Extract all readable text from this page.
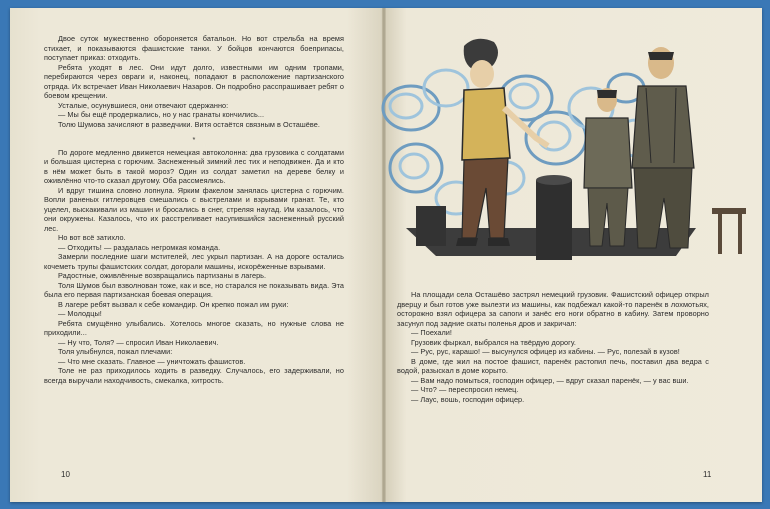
Двое суток мужественно обороняется батальон. Но вот стрельба на время стихает, и показываются фашистские танки. У бойцов кончаются боеприпасы, поступает приказ: отходить.

Ребята уходят в лес. Они идут долго, известными им одним тропами, перебираются через овраги и, наконец, попадают в расположение партизанского отряда. Их встречает Иван Николаевич Назаров. Он подробно расспрашивает ребят о боевом крещении.

Усталые, осунувшиеся, они отвечают сдержанно:

— Мы бы ещё продержались, но у нас гранаты кончились...

Толю Шумова зачисляют в разведчики. Витя остаётся связным в Осташёве.

*

По дороге медленно движется немецкая автоколонна: два грузовика с солдатами и большая цистерна с горючим. Заснеженный зимний лес тих и неподвижен. Да и кто в нём может быть в такой мороз? Один из солдат заметил на дереве белку и оживлённо что-то сказал другому. Оба рассмеялись.

И вдруг тишина словно лопнула. Ярким факелом занялась цистерна с горючим. Вопли раненых гитлеровцев смешались с выстрелами и взрывами гранат. Те, кто уцелел, выскакивали из машин и бросались в снег, стреляя наугад. Им казалось, что они окружены. Казалось, что их расстреливает насупившийся заснеженный русский лес.

Но вот всё затихло.

— Отходить! — раздалась негромкая команда.

Замерли последние шаги мстителей, лес укрыл партизан. А на дороге остались кочеметь трупы фашистских солдат, догорали машины, искорёженные взрывами.

Радостные, оживлённые возвращались партизаны в лагерь.

Толя Шумов был взволнован тоже, как и все, но старался не показывать вида. Эта была его первая партизанская боевая операция.

В лагере ребят вызвал к себе командир. Он крепко пожал им руки:

— Молодцы!

Ребята смущённо улыбались. Хотелось многое сказать, но нужные слова не приходили...

— Ну что, Толя? — спросил Иван Николаевич.

Толя улыбнулся, пожал плечами:

— Что мне сказать. Главное — уничтожать фашистов.

Толе не раз приходилось ходить в разведку. Случалось, его задерживали, но всегда выручали находчивость, смекалка, хитрость.

10

На площади села Осташёво застрял немецкий грузовик. Фашистский офицер открыл дверцу и был готов уже вылезти из машины, как подбежал какой-то паренёк в лохмотьях, осторожно взял офицера за сапоги и занёс его ноги обратно в кабину. Затем проворно засунул под задние скаты поленья дров и закричал:

— Поехали!

Грузовик фыркал, выбрался на твёрдую дорогу.

— Рус, рус, карашо! — высунулся офицер из кабины. — Рус, полезай в кузов!

В доме, где жил на постое фашист, паренёк растопил печь, поставил два ведра с водой, разыскал в доме корыто.

— Вам надо помыться, господин офицер, — вдруг сказал паренёк, — у вас вши.

— Что? — переспросил немец.

— Лаус, вошь, господин офицер.

11
